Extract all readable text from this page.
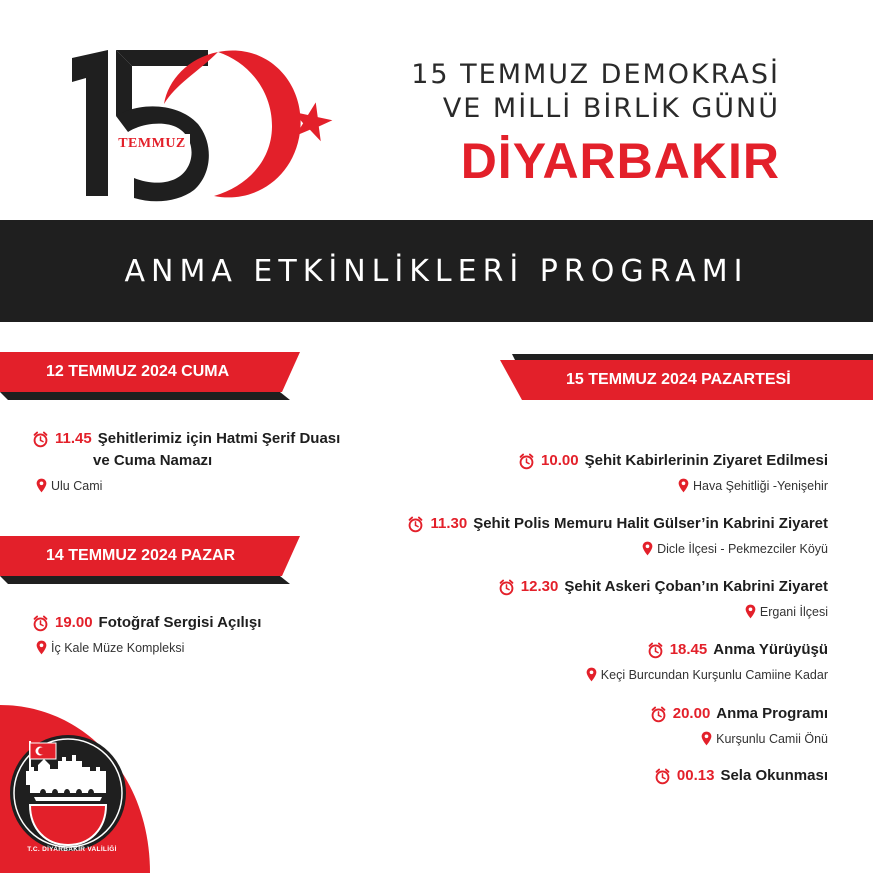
TEMMUZ
15 TEMMUZ DEMOKRASİ
VE MİLLİ BİRLİK GÜNÜ
DİYARBAKIR
ANMA ETKİNLİKLERİ PROGRAMI
12 TEMMUZ 2024 CUMA
11.45 Şehitlerimiz için Hatmi Şerif Duası
ve Cuma Namazı
Ulu Cami
14 TEMMUZ 2024 PAZAR
19.00 Fotoğraf Sergisi Açılışı
İç Kale Müze Kompleksi
15 TEMMUZ 2024 PAZARTESİ
10.00 Şehit Kabirlerinin Ziyaret Edilmesi
Hava Şehitliği -Yenişehir
11.30 Şehit Polis Memuru Halit Gülser’in Kabrini Ziyaret
Dicle İlçesi - Pekmezciler Köyü
12.30 Şehit Askeri Çoban’ın Kabrini Ziyaret
Ergani İlçesi
18.45 Anma Yürüyüşü
Keçi Burcundan Kurşunlu Camiine Kadar
20.00 Anma Programı
Kurşunlu Camii Önü
00.13 Sela Okunması
T.C. DİYARBAKIR VALİLİĞİ
